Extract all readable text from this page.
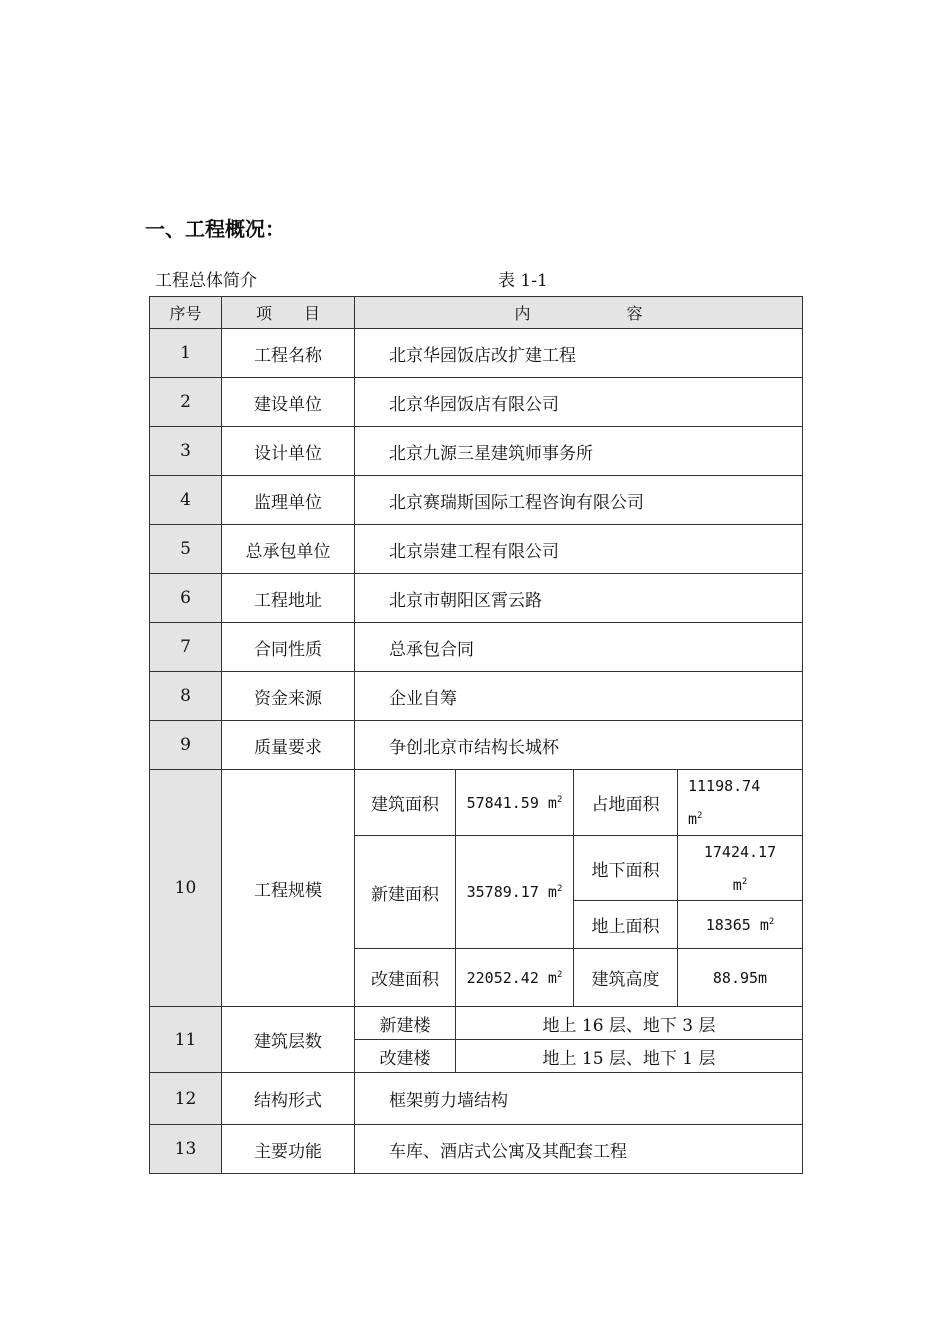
一、工程概况：
工程总体简介	表 1-1
序号	项　　目	内　　　　　　容			
1	工程名称	北京华园饭店改扩建工程			
2	建设单位	北京华园饭店有限公司			
3	设计单位	北京九源三星建筑师事务所			
4	监理单位	北京赛瑞斯国际工程咨询有限公司			
5	总承包单位	北京崇建工程有限公司			
6	工程地址	北京市朝阳区霄云路			
7	合同性质	总承包合同			
8	资金来源	企业自筹			
9	质量要求	争创北京市结构长城杯			
10	工程规模	建筑面积	57841.59 $m^2$	占地面积	11198.74
$m^2$
		新建面积	35789.17 $m^2$	地下面积	17424.17
$m^2$
				地上面积	18365 $m^2$
		改建面积	22052.42 $m^2$	建筑高度	88.95m
11	建筑层数	新建楼	地上 16 层、地下 3 层		
		改建楼	地上 15 层、地下 1 层		
12	结构形式	框架剪力墙结构			
13	主要功能	车库、酒店式公寓及其配套工程			
